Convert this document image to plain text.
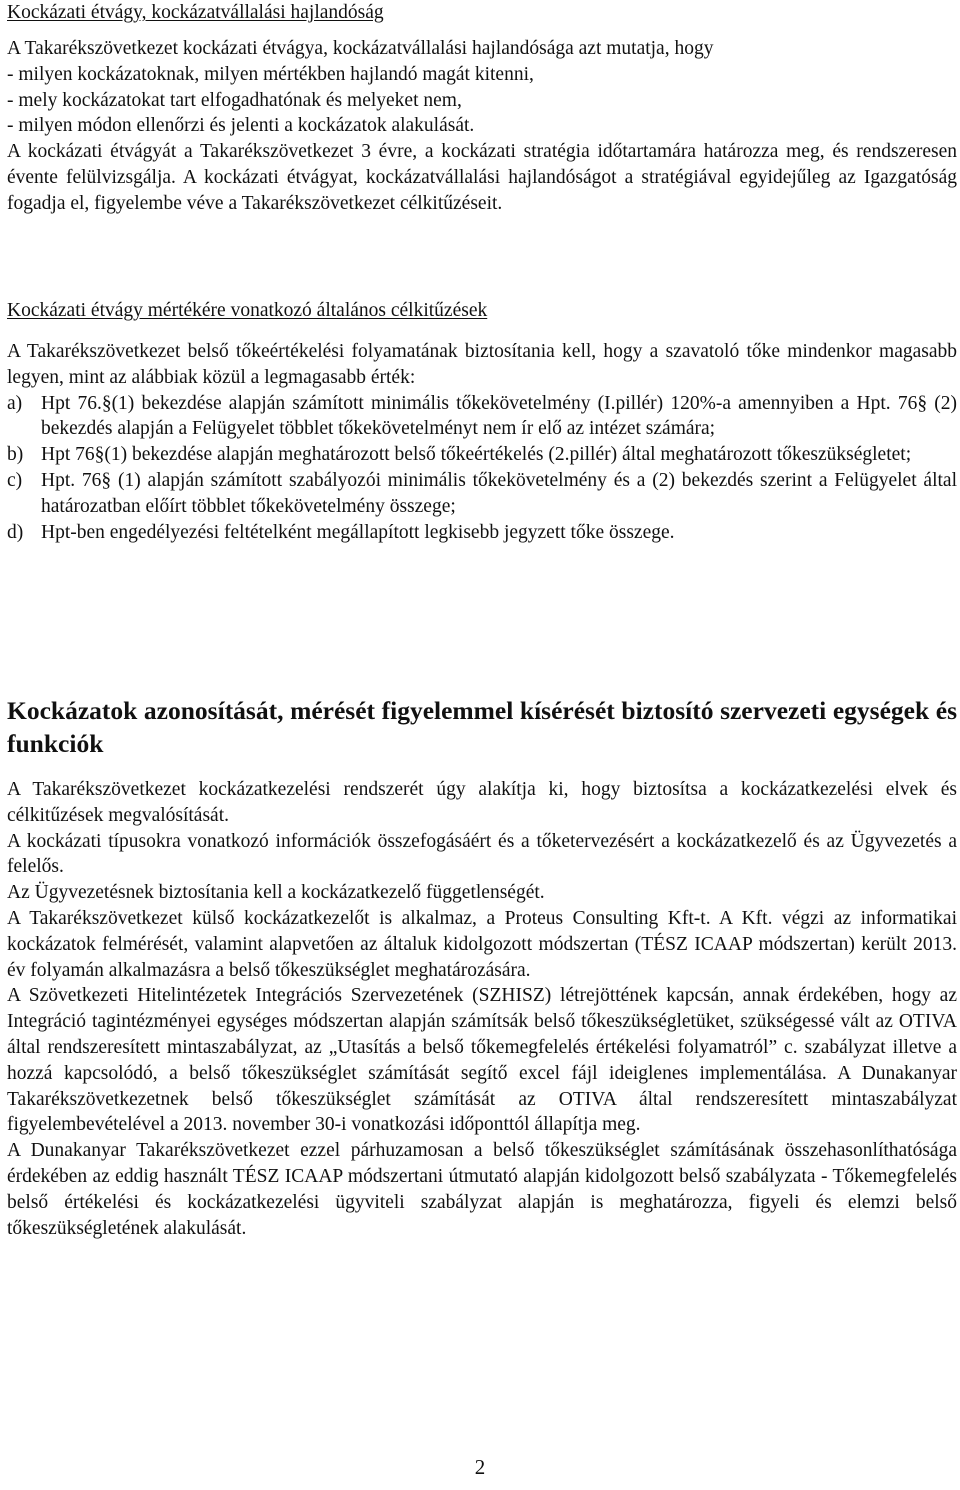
Kockázati étvágy, kockázatvállalási hajlandóság

A Takarékszövetkezet kockázati étvágya, kockázatvállalási hajlandósága azt mutatja, hogy

- milyen kockázatoknak, milyen mértékben hajlandó magát kitenni,

- mely kockázatokat tart elfogadhatónak és melyeket nem,

- milyen módon ellenőrzi és jelenti a kockázatok alakulását.

A kockázati étvágyát a Takarékszövetkezet 3 évre, a kockázati stratégia időtartamára határozza meg, és rendszeresen évente felülvizsgálja. A kockázati étvágyat, kockázatvállalási hajlandóságot a stratégiával egyidejűleg az Igazgatóság fogadja el, figyelembe véve a Takarékszövetkezet célkitűzéseit.

Kockázati étvágy mértékére vonatkozó általános célkitűzések

A Takarékszövetkezet belső tőkeértékelési folyamatának biztosítania kell, hogy a szavatoló tőke mindenkor magasabb legyen, mint az alábbiak közül a legmagasabb érték:

a) Hpt 76.§(1) bekezdése alapján számított minimális tőkekövetelmény (I.pillér) 120%-a amennyiben a Hpt. 76§ (2) bekezdés alapján a Felügyelet többlet tőkekövetelményt nem ír elő az intézet számára;
b) Hpt 76§(1) bekezdése alapján meghatározott belső tőkeértékelés (2.pillér) által meghatározott tőkeszükségletet;
c) Hpt. 76§ (1) alapján számított szabályozói minimális tőkekövetelmény és a (2) bekezdés szerint a Felügyelet által határozatban előírt többlet tőkekövetelmény összege;
d) Hpt-ben engedélyezési feltételként megállapított legkisebb jegyzett tőke összege.

Kockázatok azonosítását, mérését figyelemmel kísérését biztosító szervezeti egységek és funkciók

A Takarékszövetkezet kockázatkezelési rendszerét úgy alakítja ki, hogy biztosítsa a kockázatkezelési elvek és célkitűzések megvalósítását.

A kockázati típusokra vonatkozó információk összefogásáért és a tőketervezésért a kockázatkezelő és az Ügyvezetés a felelős.

Az Ügyvezetésnek biztosítania kell a kockázatkezelő függetlenségét.

A Takarékszövetkezet külső kockázatkezelőt is alkalmaz, a Proteus Consulting Kft-t. A Kft. végzi az informatikai kockázatok felmérését, valamint alapvetően az általuk kidolgozott módszertan (TÉSZ ICAAP módszertan) került 2013. év folyamán alkalmazásra a belső tőkeszükséglet meghatározására.

A Szövetkezeti Hitelintézetek Integrációs Szervezetének (SZHISZ) létrejöttének kapcsán, annak érdekében, hogy az Integráció tagintézményei egységes módszertan alapján számítsák belső tőkeszükségletüket, szükségessé vált az OTIVA által rendszeresített mintaszabályzat, az „Utasítás a belső tőkemegfelelés értékelési folyamatról” c. szabályzat illetve a hozzá kapcsolódó, a belső tőkeszükséglet számítását segítő excel fájl ideiglenes implementálása. A Dunakanyar Takarékszövetkezetnek belső tőkeszükséglet számítását az OTIVA által rendszeresített mintaszabályzat figyelembevételével a 2013. november 30-i vonatkozási időponttól állapítja meg.

A Dunakanyar Takarékszövetkezet ezzel párhuzamosan a belső tőkeszükséglet számításának összehasonlíthatósága érdekében az eddig használt TÉSZ ICAAP módszertani útmutató alapján kidolgozott belső szabályzata - Tőkemegfelelés belső értékelési és kockázatkezelési ügyviteli szabályzat alapján is meghatározza, figyeli és elemzi belső tőkeszükségletének alakulását.

2
